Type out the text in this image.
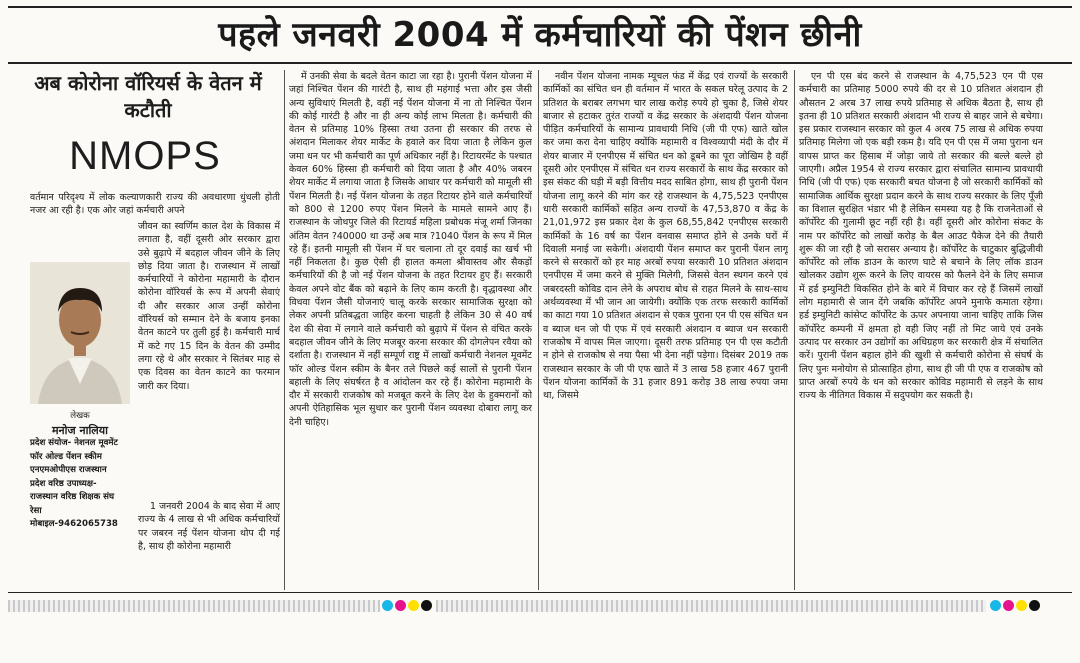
पहले जनवरी 2004 में कर्मचारियों की पेंशन छीनी
अब कोरोना वॉरियर्स के वेतन में कटौती
NMOPS

वर्तमान परिदृश्य में लोक कल्याणकारी राज्य की अवधारणा धुंधली होती नजर आ रही है। एक ओर जहां कर्मचारी अपने

लेखक
मनोज नालिया
प्रदेश संयोज- नेशनल मूवमेंट
फॉर ओल्ड पेंशन स्कीम
एनएमओपीएस राजस्थान
प्रदेश वरिष्ठ उपाध्यक्ष-
राजस्थान वरिष्ठ शिक्षक संघ
रेसा
मोबाइल-9462065738

जीवन का स्वर्णिम काल देश के विकास में लगाता है, वहीं दूसरी ओर सरकार द्वारा उसे बुढ़ापे में बदहाल जीवन जीने के लिए छोड़ दिया जाता है। राजस्थान में लाखों कर्मचारियों ने कोरोना महामारी के दौरान कोरोना वॉरियर्स के रूप में अपनी सेवाएं दी और सरकार आज उन्हीं कोरोना वॉरियर्स को सम्मान देने के बजाय इनका वेतन काटने पर तुली हुई है। कर्मचारी मार्च में कटे गए 15 दिन के वेतन की उम्मीद लगा रहे थे और सरकार ने सितंबर माह से एक दिवस का वेतन काटने का फरमान जारी कर दिया।

1 जनवरी 2004 के बाद सेवा में आए राज्य के 4 लाख से भी अधिक कर्मचारियों पर जबरन नई पेंशन योजना थोप दी गई है, साथ ही कोरोना महामारी

में उनकी सेवा के बदले वेतन काटा जा रहा है। पुरानी पेंशन योजना में जहां निश्चित पेंशन की गारंटी है, साथ ही महंगाई भत्ता और इस जैसी अन्य सुविधाएं मिलती है, वहीं नई पेंशन योजना में ना तो निश्चित पेंशन की कोई गारंटी है और ना ही अन्य कोई लाभ मिलता है। कर्मचारी की वेतन से प्रतिमाह 10% हिस्सा तथा उतना ही सरकार की तरफ से अंशदान मिलाकर शेयर मार्केट के हवाले कर दिया जाता है लेकिन कुल जमा धन पर भी कर्मचारी का पूर्ण अधिकार नहीं है। रिटायरमेंट के पश्चात केवल 60% हिस्सा ही कर्मचारी को दिया जाता है और 40% जबरन शेयर मार्केट में लगाया जाता है जिसके आधार पर कर्मचारी को मामूली सी पेंशन मिलती है। नई पेंशन योजना के तहत रिटायर होने वाले कर्मचारियों को 800 से 1200 रुपए पेंशन मिलने के मामले सामने आए हैं। राजस्थान के जोधपुर जिले की रिटायर्ड महिला प्रबोधक मंजू शर्मा जिनका अंतिम वेतन ?40000 था उन्हें अब मात्र ?1040 पेंशन के रूप में मिल रहे हैं। इतनी मामूली सी पेंशन में घर चलाना तो दूर दवाई का खर्च भी नहीं निकलता है। कुछ ऐसी ही हालत कमला श्रीवास्तव और सैकड़ों कर्मचारियों की है जो नई पेंशन योजना के तहत रिटायर हुए हैं। सरकारी केवल अपने वोट बैंक को बढ़ाने के लिए काम करती है। वृद्धावस्था और विधवा पेंशन जैसी योजनाएं चालू करके सरकार सामाजिक सुरक्षा को लेकर अपनी प्रतिबद्धता जाहिर करना चाहती है लेकिन 30 से 40 वर्ष देश की सेवा में लगाने वाले कर्मचारी को बुढ़ापे में पेंशन से वंचित करके बदहाल जीवन जीने के लिए मजबूर करना सरकार की दोगलेपन रवैया को दर्शाता है। राजस्थान में नहीं सम्पूर्ण राष्ट्र में लाखों कर्मचारी नेशनल मूवमेंट फॉर ओल्ड पेंशन स्कीम के बैनर तले पिछले कई सालों से पुरानी पेंशन बहाली के लिए संघर्षरत है व आंदोलन कर रहे हैं। कोरोना महामारी के दौर में सरकारी राजकोष को मजबूत करने के लिए देश के हुक्मरानों को अपनी ऐतिहासिक भूल सुधार कर पुरानी पेंशन व्यवस्था दोबारा लागू कर देनी चाहिए।

नवीन पेंशन योजना नामक म्यूचल फंड में केंद्र एवं राज्यों के सरकारी कार्मिकों का संचित धन ही वर्तमान में भारत के सकल घरेलू उत्पाद के 2 प्रतिशत के बराबर लगभग चार लाख करोड़ रुपये हो चुका है, जिसे शेयर बाजार से हटाकर तुरंत राज्यों व केंद्र सरकार के अंशदायी पेंशन योजना पीड़ित कर्मचारियों के सामान्य प्रावधायी निधि (जी पी एफ) खाते खोल कर जमा करा देना चाहिए क्योंकि महामारी व विश्वव्यापी मंदी के दौर में शेयर बाजार में एनपीएस में संचित धन को डूबने का पूरा जोखिम है वहीं दूसरी ओर एनपीएस में संचित धन राज्य सरकारों के साथ केंद्र सरकार को इस संकट की घड़ी में बड़ी वित्तीय मदद साबित होगा, साथ ही पुरानी पेंशन योजना लागू करने की मांग कर रहे राजस्थान के 4,75,523 एनपीएस धारी सरकारी कार्मिकों सहित अन्य राज्यों के 47,53,870 व केंद्र के 21,01,972 इस प्रकार देश के कुल 68,55,842 एनपीएस सरकारी कार्मिकों के 16 वर्ष का पेंशन वनवास समाप्त होने से उनके घरों में दिवाली मनाई जा सकेगी। अंशदायी पेंशन समाप्त कर पुरानी पेंशन लागू करने से सरकारों को हर माह अरबों रुपया सरकारी 10 प्रतिशत अंशदान एनपीएस में जमा करने से मुक्ति मिलेगी, जिससे वेतन स्थगन करने एवं जबरदस्ती कोविड दान लेने के अपराध बोध से राहत मिलने के साथ-साथ अर्थव्यवस्था में भी जान आ जायेगी। क्योंकि एक तरफ सरकारी कार्मिकों का काटा गया 10 प्रतिशत अंशदान से एकत्र पुराना एन पी एस संचित धन व ब्याज धन जो पी एफ में एवं सरकारी अंशदान व ब्याज धन सरकारी राजकोष में वापस मिल जाएगा। दूसरी तरफ प्रतिमाह एन पी एस कटौती न होने से राजकोष से नया पैसा भी देना नहीं पड़ेगा। दिसंबर 2019 तक राजस्थान सरकार के जी पी एफ खाते में 3 लाख 58 हजार 467 पुरानी पेंशन योजना कार्मिकों के 31 हजार 891 करोड़ 38 लाख रुपया जमा था, जिसमे

एन पी एस बंद करने से राजस्थान के 4,75,523 एन पी एस कर्मचारी का प्रतिमाह 5000 रुपये की दर से 10 प्रतिशत अंशदान ही औसतन 2 अरब 37 लाख रुपये प्रतिमाह से अधिक बैठता है, साथ ही इतना ही 10 प्रतिशत सरकारी अंशदान भी राज्य से बाहर जाने से बचेगा। इस प्रकार राजस्थान सरकार को कुल 4 अरब 75 लाख से अधिक रुपया प्रतिमाह मिलेगा जो एक बड़ी रकम है। यदि एन पी एस में जमा पुराना धन वापस प्राप्त कर हिसाब में जोड़ा जाये तो सरकार की बल्ले बल्ले हो जाएगी। अप्रैल 1954 से राज्य सरकार द्वारा संचालित सामान्य प्रावधायी निधि (जी पी एफ) एक सरकारी बचत योजना है जो सरकारी कार्मिकों को सामाजिक आर्थिक सुरक्षा प्रदान करने के साथ राज्य सरकार के लिए पूँजी का विशाल सुरक्षित भंडार भी है लेकिन समस्या यह है कि राजनेताओं से कॉर्पोरेट की गुलामी छूट नहीं रही है। वहीं दूसरी ओर कोरोना संकट के नाम पर कॉर्पोरेट को लाखों करोड़ के बैल आउट पैकेज देने की तैयारी शुरू की जा रही है जो सरासर अन्याय है। कॉर्पोरेट के चाटुकार बुद्धिजीवी कॉर्पोरेट को लॉक डाउन के कारण घाटे से बचाने के लिए लॉक डाउन खोलकर उद्योग शुरू करने के लिए वायरस को फैलने देने के लिए समाज में हर्ड इम्युनिटी विकसित होने के बारे में विचार कर रहे हैं जिसमें लाखों लोग महामारी से जान देंगे जबकि कॉर्पोरेट अपने मुनाफे कमाता रहेगा। हर्ड इम्युनिटी कांसेप्ट कॉर्पोरेट के ऊपर अपनाया जाना चाहिए ताकि जिस कॉर्पोरेट कम्पनी में क्षमता हो वही जिए नहीं तो मिट जाये एवं उनके उत्पाद पर सरकार उन उद्योगों का अधिग्रहण कर सरकारी क्षेत्र में संचालित करें। पुरानी पेंशन बहाल होने की खुशी से कर्मचारी कोरोना से संघर्ष के लिए पुनः मनोयोग से प्रोत्साहित होगा, साथ ही जी पी एफ व राजकोष को प्राप्त अरबों रुपये के धन को सरकार कोविड महामारी से लड़ने के साथ राज्य के नीतिगत विकास में सदुपयोग कर सकती है।
